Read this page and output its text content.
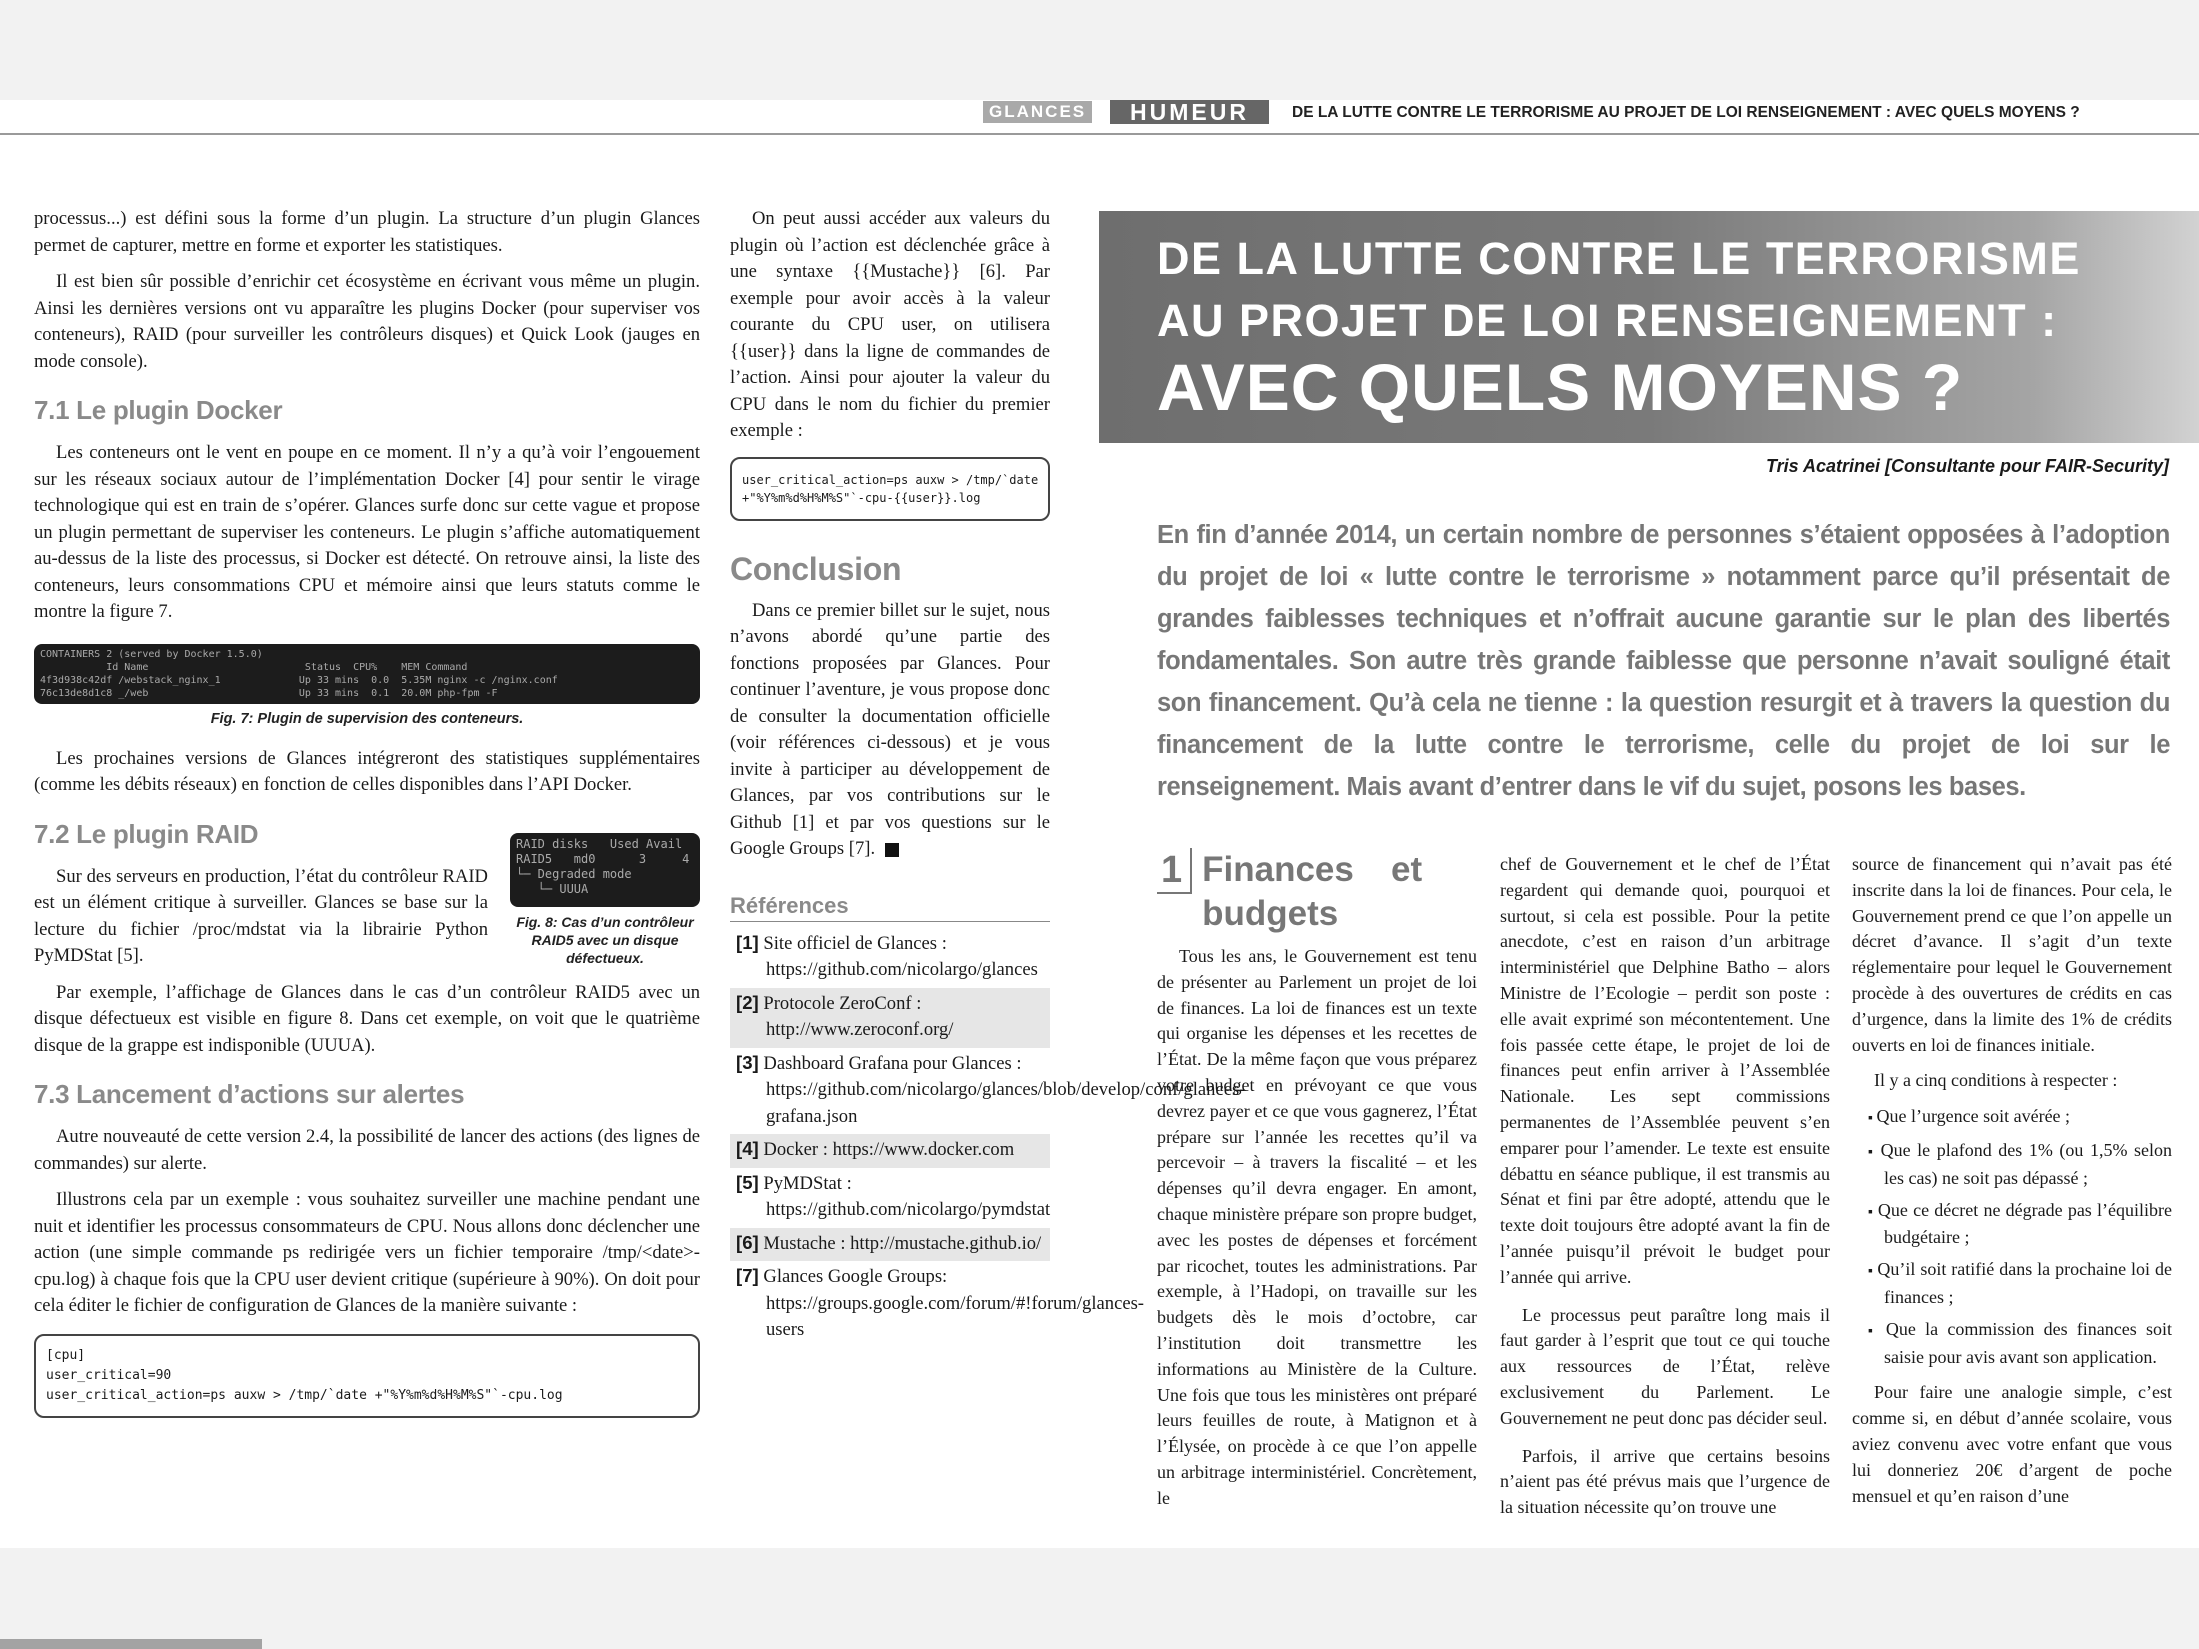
GLANCES	HUMEUR	DE LA LUTTE CONTRE LE TERRORISME AU PROJET DE LOI RENSEIGNEMENT : AVEC QUELS MOYENS ?

processus...) est défini sous la forme d’un plugin. La structure d’un plugin Glances permet de capturer, mettre en forme et exporter les statistiques.

Il est bien sûr possible d’enrichir cet écosystème en écrivant vous même un plugin. Ainsi les dernières versions ont vu apparaître les plugins Docker (pour superviser vos conteneurs), RAID (pour surveiller les contrôleurs disques) et Quick Look (jauges en mode console).

7.1 Le plugin Docker

Les conteneurs ont le vent en poupe en ce moment. Il n’y a qu’à voir l’engouement sur les réseaux sociaux autour de l’implémentation Docker [4] pour sentir le virage technologique qui est en train de s’opérer. Glances surfe donc sur cette vague et propose un plugin permettant de superviser les conteneurs. Le plugin s’affiche automatiquement au-dessus de la liste des processus, si Docker est détecté. On retrouve ainsi, la liste des conteneurs, leurs consommations CPU et mémoire ainsi que leurs statuts comme le montre la figure 7.

CONTAINERS 2 (served by Docker 1.5.0)
Id Name                          Status  CPU%    MEM Command
4f3d938c42df /webstack_nginx_1             Up 33 mins  0.0  5.35M nginx -c /nginx.conf
76c13de8d1c8 _/web                         Up 33 mins  0.1  20.0M php-fpm -F
Fig. 7: Plugin de supervision des conteneurs.

Les prochaines versions de Glances intégreront des statistiques supplémentaires (comme les débits réseaux) en fonction de celles disponibles dans l’API Docker.

RAID disks   Used Avail
RAID5   md0      3     4
└─ Degraded mode
└─ UUUA
Fig. 8: Cas d’un contrôleur RAID5 avec un disque défectueux.
7.2 Le plugin RAID

Sur des serveurs en production, l’état du contrôleur RAID est un élément critique à surveiller. Glances se base sur la lecture du fichier /proc/mdstat via la librairie Python PyMDStat [5].

Par exemple, l’affichage de Glances dans le cas d’un contrôleur RAID5 avec un disque défectueux est visible en figure 8. Dans cet exemple, on voit que le quatrième disque de la grappe est indisponible (UUUA).

7.3 Lancement d’actions sur alertes

Autre nouveauté de cette version 2.4, la possibilité de lancer des actions (des lignes de commandes) sur alerte.

Illustrons cela par un exemple : vous souhaitez surveiller une machine pendant une nuit et identifier les processus consommateurs de CPU. Nous allons donc déclencher une action (une simple commande ps redirigée vers un fichier temporaire /tmp/<date>-cpu.log) à chaque fois que la CPU user devient critique (supérieure à 90%). On doit pour cela éditer le fichier de configuration de Glances de la manière suivante :

[cpu]
user_critical=90
user_critical_action=ps auxw > /tmp/`date +"%Y%m%d%H%M%S"`-cpu.log

On peut aussi accéder aux valeurs du plugin où l’action est déclenchée grâce à une syntaxe {{Mustache}} [6]. Par exemple pour avoir accès à la valeur courante du CPU user, on utilisera {{user}} dans la ligne de commandes de l’action. Ainsi pour ajouter la valeur du CPU dans le nom du fichier du premier exemple :

user_critical_action=ps auxw > /tmp/`date
+"%Y%m%d%H%M%S"`-cpu-{{user}}.log
Conclusion

Dans ce premier billet sur le sujet, nous n’avons abordé qu’une partie des fonctions proposées par Glances. Pour continuer l’aventure, je vous propose donc de consulter la documentation officielle (voir références ci-dessous) et je vous invite à participer au développement de Glances, par vos contributions sur le Github [1] et par vos questions sur le Google Groups [7].

Références
[1] Site officiel de Glances : https://github.com/nicolargo/glances
[2] Protocole ZeroConf : http://www.zeroconf.org/
[3] Dashboard Grafana pour Glances : https://github.com/nicolargo/glances/blob/develop/conf/glances-grafana.json
[4] Docker : https://www.docker.com
[5] PyMDStat : https://github.com/nicolargo/pymdstat
[6] Mustache : http://mustache.github.io/
[7] Glances Google Groups: https://groups.google.com/forum/#!forum/glances-users
DE LA LUTTE CONTRE LE TERRORISME
AU PROJET DE LOI RENSEIGNEMENT :
AVEC QUELS MOYENS ?
Tris Acatrinei [Consultante pour FAIR-Security]
En fin d’année 2014, un certain nombre de personnes s’étaient opposées à l’adoption du projet de loi « lutte contre le terrorisme » notamment parce qu’il présentait de grandes faiblesses techniques et n’offrait aucune garantie sur le plan des libertés fondamentales. Son autre très grande faiblesse que personne n’avait souligné était son financement. Qu’à cela ne tienne : la question resurgit et à travers la question du financement de la lutte contre le terrorisme, celle du projet de loi sur le renseignement. Mais avant d’entrer dans le vif du sujet, posons les bases.
1 Finances et budgets

Tous les ans, le Gouvernement est tenu de présenter au Parlement un projet de loi de finances. La loi de finances est un texte qui organise les dépenses et les recettes de l’État. De la même façon que vous préparez votre budget en prévoyant ce que vous devrez payer et ce que vous gagnerez, l’État prépare sur l’année les recettes qu’il va percevoir – à travers la fiscalité – et les dépenses qu’il devra engager. En amont, chaque ministère prépare son propre budget, avec les postes de dépenses et forcément par ricochet, toutes les administrations. Par exemple, à l’Hadopi, on travaille sur les budgets dès le mois d’octobre, car l’institution doit transmettre les informations au Ministère de la Culture. Une fois que tous les ministères ont préparé leurs feuilles de route, à Matignon et à l’Élysée, on procède à ce que l’on appelle un arbitrage interministériel. Concrètement, le

chef de Gouvernement et le chef de l’État regardent qui demande quoi, pourquoi et surtout, si cela est possible. Pour la petite anecdote, c’est en raison d’un arbitrage interministériel que Delphine Batho – alors Ministre de l’Ecologie – perdit son poste : elle avait exprimé son mécontentement. Une fois passée cette étape, le projet de loi de finances peut enfin arriver à l’Assemblée Nationale. Les sept commissions permanentes de l’Assemblée peuvent s’en emparer pour l’amender. Le texte est ensuite débattu en séance publique, il est transmis au Sénat et fini par être adopté, attendu que le texte doit toujours être adopté avant la fin de l’année puisqu’il prévoit le budget pour l’année qui arrive.

Le processus peut paraître long mais il faut garder à l’esprit que tout ce qui touche aux ressources de l’État, relève exclusivement du Parlement. Le Gouvernement ne peut donc pas décider seul.

Parfois, il arrive que certains besoins n’aient pas été prévus mais que l’urgence de la situation nécessite qu’on trouve une

source de financement qui n’avait pas été inscrite dans la loi de finances. Pour cela, le Gouvernement prend ce que l’on appelle un décret d’avance. Il s’agit d’un texte réglementaire pour lequel le Gouvernement procède à des ouvertures de crédits en cas d’urgence, dans la limite des 1% de crédits ouverts en loi de finances initiale.

Il y a cinq conditions à respecter :

▪ Que l’urgence soit avérée ;
▪ Que le plafond des 1% (ou 1,5% selon les cas) ne soit pas dépassé ;
▪ Que ce décret ne dégrade pas l’équilibre budgétaire ;
▪ Qu’il soit ratifié dans la prochaine loi de finances ;
▪ Que la commission des finances soit saisie pour avis avant son application.

Pour faire une analogie simple, c’est comme si, en début d’année scolaire, vous aviez convenu avec votre enfant que vous lui donneriez 20€ d’argent de poche mensuel et qu’en raison d’une
